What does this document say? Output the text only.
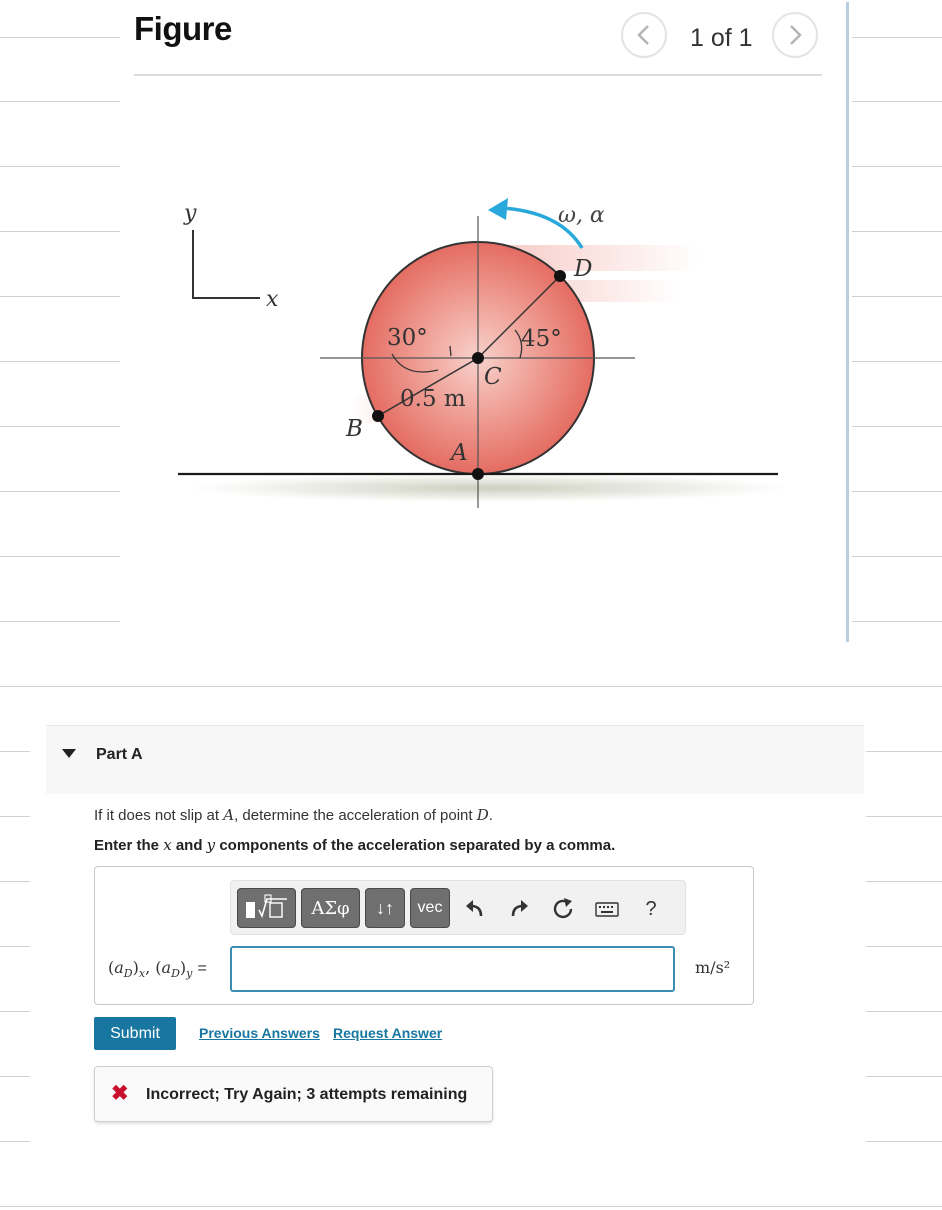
Figure	1 of 1
y
x
ω, α
D
C
B
A
30°	45°
0.5 m
Part A
If it does not slip at A, determine the acceleration of point D.
Enter the x and y components of the acceleration separated by a comma.
ΑΣφ	↓↑	vec	?
$(a_D)_x$, $(a_D)_y$ =	m/s²
Submit	Previous Answers Request Answer
✖ Incorrect; Try Again; 3 attempts remaining
